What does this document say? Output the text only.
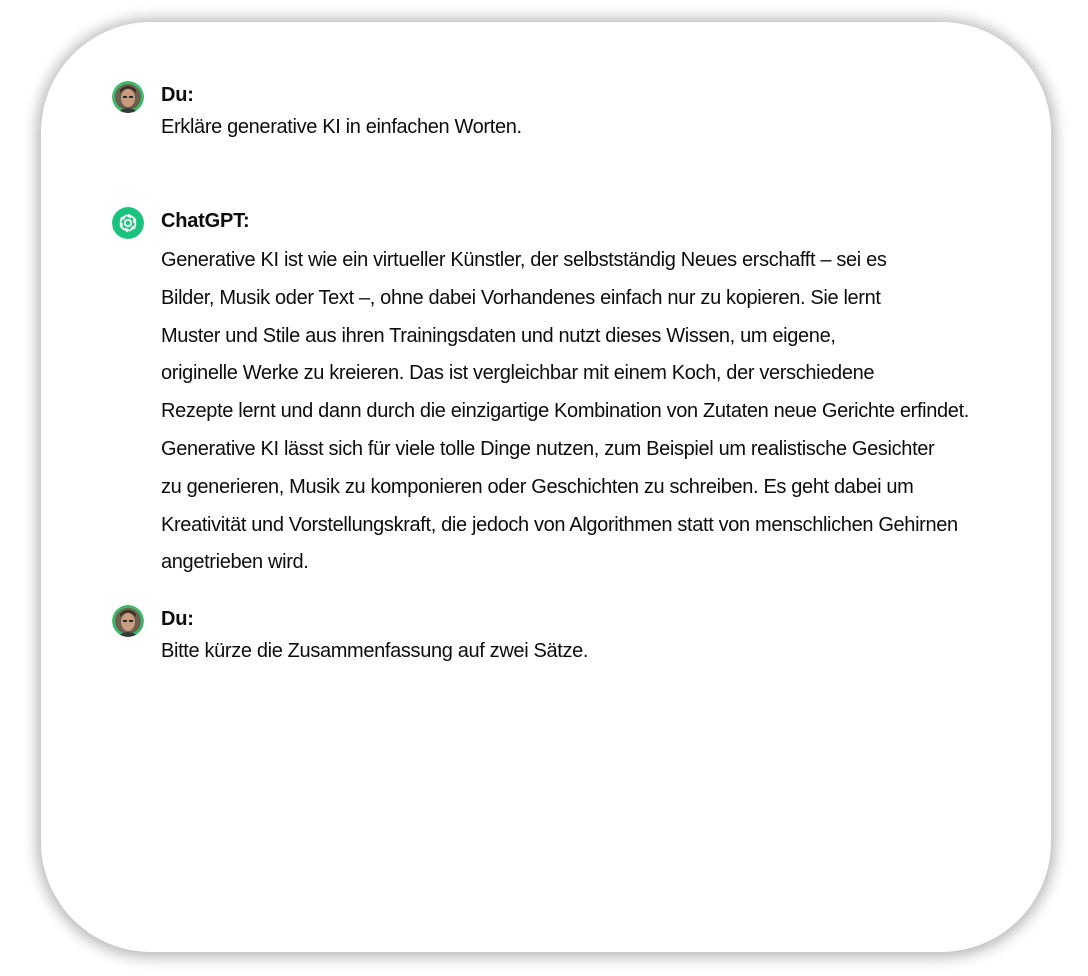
Du:
Erkläre generative KI in einfachen Worten.
ChatGPT:
Generative KI ist wie ein virtueller Künstler, der selbstständig Neues erschafft – sei es
Bilder, Musik oder Text –, ohne dabei Vorhandenes einfach nur zu kopieren. Sie lernt
Muster und Stile aus ihren Trainingsdaten und nutzt dieses Wissen, um eigene,
originelle Werke zu kreieren. Das ist vergleichbar mit einem Koch, der verschiedene
Rezepte lernt und dann durch die einzigartige Kombination von Zutaten neue Gerichte erfindet.
Generative KI lässt sich für viele tolle Dinge nutzen, zum Beispiel um realistische Gesichter
zu generieren, Musik zu komponieren oder Geschichten zu schreiben. Es geht dabei um
Kreativität und Vorstellungskraft, die jedoch von Algorithmen statt von menschlichen Gehirnen
angetrieben wird.
Du:
Bitte kürze die Zusammenfassung auf zwei Sätze.
